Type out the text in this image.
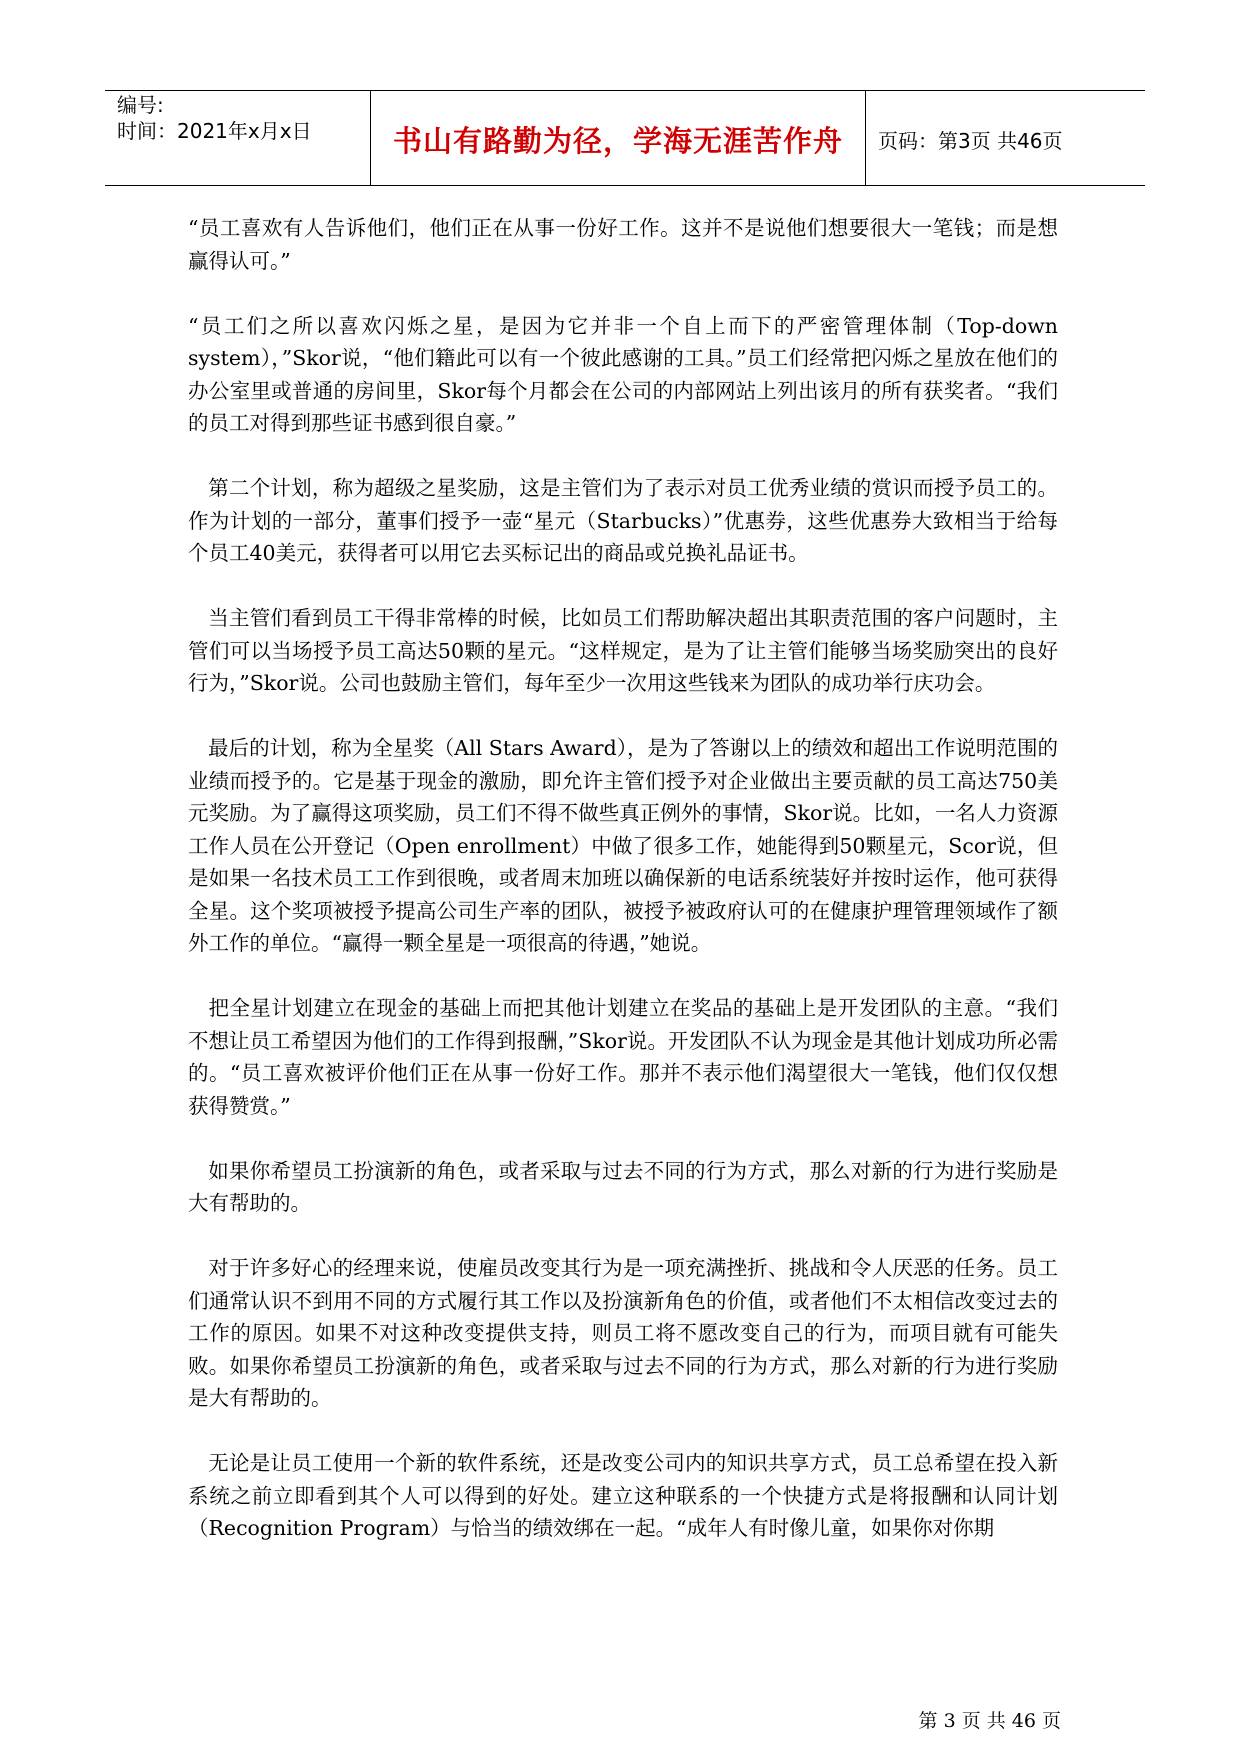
编号:
时间：2021年x月x日	书山有路勤为径，学海无涯苦作舟	页码：第3页 共46页

“员工喜欢有人告诉他们，他们正在从事一份好工作。这并不是说他们想要很大一笔钱；而是想赢得认可。”

“员工们之所以喜欢闪烁之星，是因为它并非一个自上而下的严密管理体制（Top-down system），”Skor说，“他们籍此可以有一个彼此感谢的工具。”员工们经常把闪烁之星放在他们的办公室里或普通的房间里，Skor每个月都会在公司的内部网站上列出该月的所有获奖者。“我们的员工对得到那些证书感到很自豪。”

第二个计划，称为超级之星奖励，这是主管们为了表示对员工优秀业绩的赏识而授予员工的。作为计划的一部分，董事们授予一壶“星元（Starbucks）”优惠券，这些优惠券大致相当于给每个员工40美元，获得者可以用它去买标记出的商品或兑换礼品证书。

当主管们看到员工干得非常棒的时候，比如员工们帮助解决超出其职责范围的客户问题时，主管们可以当场授予员工高达50颗的星元。“这样规定，是为了让主管们能够当场奖励突出的良好行为，”Skor说。公司也鼓励主管们，每年至少一次用这些钱来为团队的成功举行庆功会。

最后的计划，称为全星奖（All Stars Award），是为了答谢以上的绩效和超出工作说明范围的业绩而授予的。它是基于现金的激励，即允许主管们授予对企业做出主要贡献的员工高达750美元奖励。为了赢得这项奖励，员工们不得不做些真正例外的事情，Skor说。比如，一名人力资源工作人员在公开登记（Open enrollment）中做了很多工作，她能得到50颗星元，Scor说，但是如果一名技术员工工作到很晚，或者周末加班以确保新的电话系统装好并按时运作，他可获得全星。这个奖项被授予提高公司生产率的团队，被授予被政府认可的在健康护理管理领域作了额外工作的单位。“赢得一颗全星是一项很高的待遇，”她说。

把全星计划建立在现金的基础上而把其他计划建立在奖品的基础上是开发团队的主意。“我们不想让员工希望因为他们的工作得到报酬，”Skor说。开发团队不认为现金是其他计划成功所必需的。“员工喜欢被评价他们正在从事一份好工作。那并不表示他们渴望很大一笔钱，他们仅仅想获得赞赏。”

如果你希望员工扮演新的角色，或者采取与过去不同的行为方式，那么对新的行为进行奖励是大有帮助的。

对于许多好心的经理来说，使雇员改变其行为是一项充满挫折、挑战和令人厌恶的任务。员工们通常认识不到用不同的方式履行其工作以及扮演新角色的价值，或者他们不太相信改变过去的工作的原因。如果不对这种改变提供支持，则员工将不愿改变自己的行为，而项目就有可能失败。如果你希望员工扮演新的角色，或者采取与过去不同的行为方式，那么对新的行为进行奖励是大有帮助的。

无论是让员工使用一个新的软件系统，还是改变公司内的知识共享方式，员工总希望在投入新系统之前立即看到其个人可以得到的好处。建立这种联系的一个快捷方式是将报酬和认同计划（Recognition Program）与恰当的绩效绑在一起。“成年人有时像儿童，如果你对你期

第 3 页 共 46 页
